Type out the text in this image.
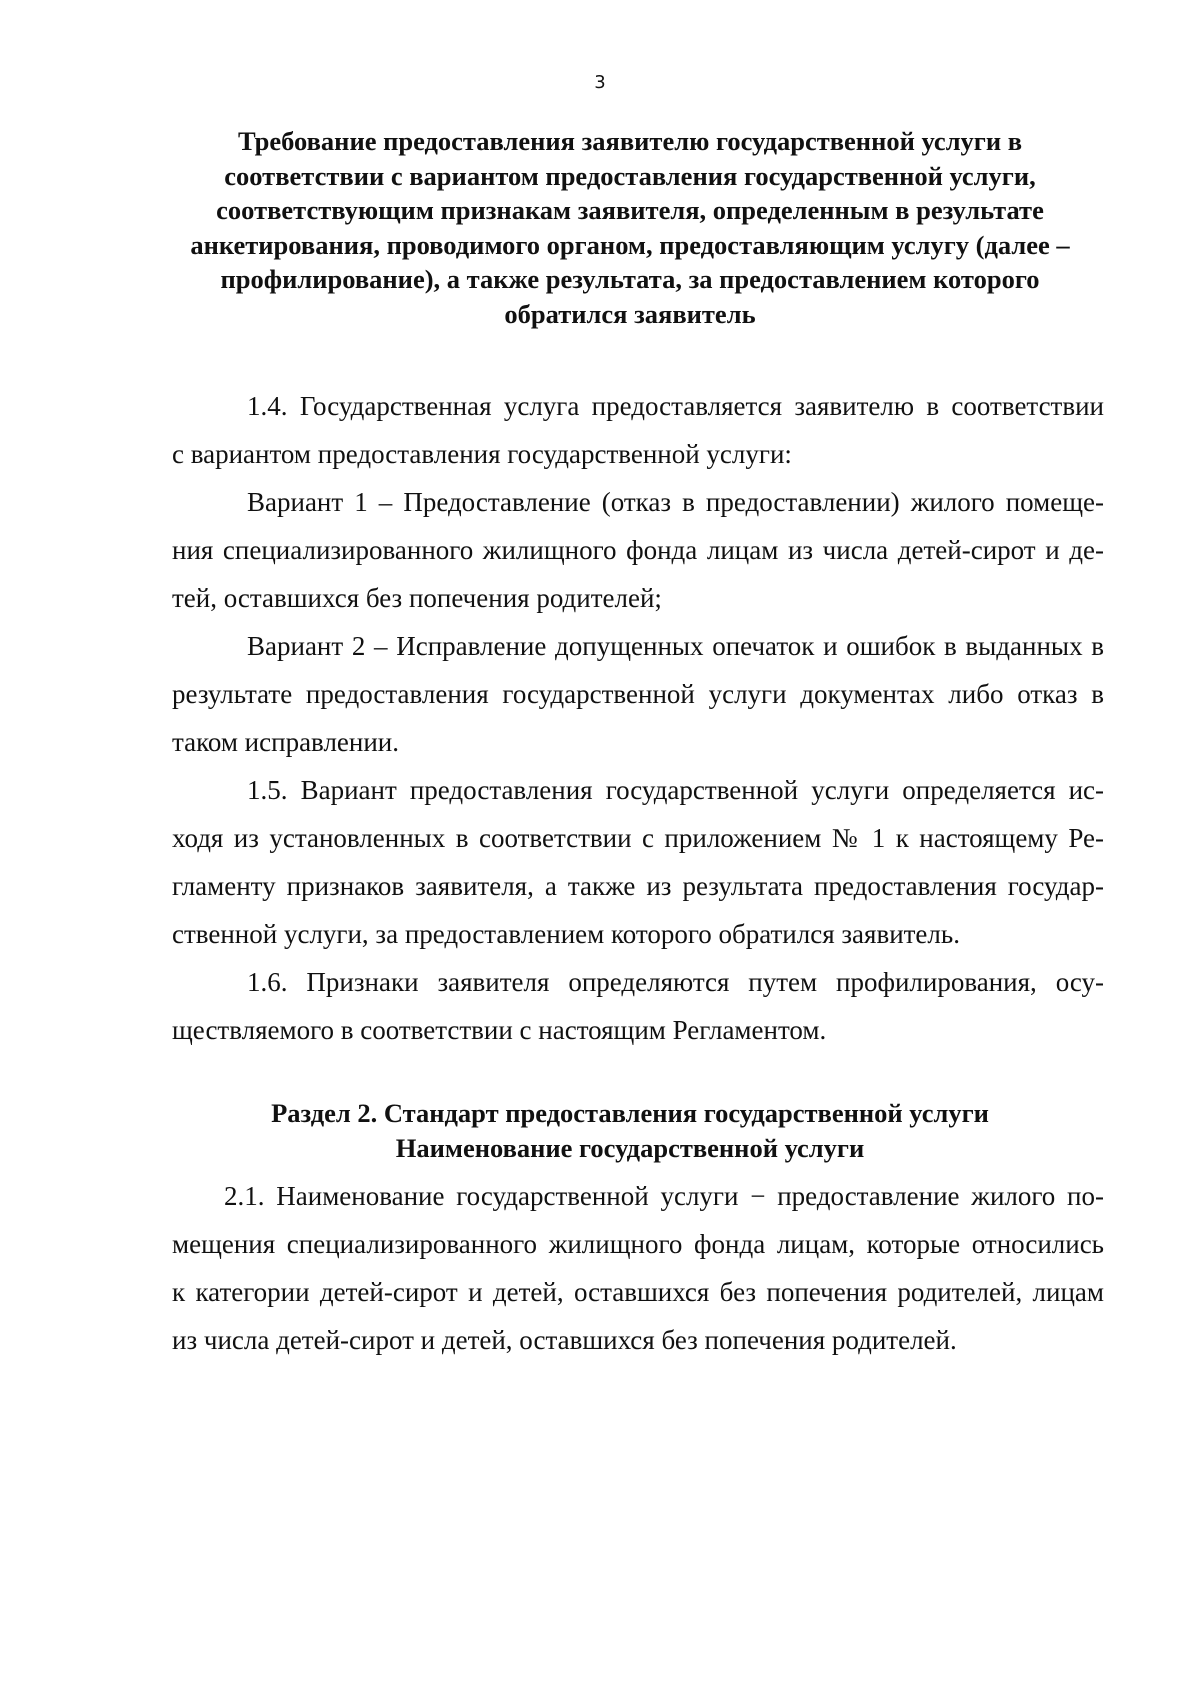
3
Требование предоставления заявителю государственной услуги в
соответствии с вариантом предоставления государственной услуги,
соответствующим признакам заявителя, определенным в результате
анкетирования, проводимого органом, предоставляющим услугу (далее –
профилирование), а также результата, за предоставлением которого
обратился заявитель
1.4. Государственная услуга предоставляется заявителю в соответствии
с вариантом предоставления государственной услуги:
Вариант 1 – Предоставление (отказ в предоставлении) жилого помеще-
ния специализированного жилищного фонда лицам из числа детей-сирот и де-
тей, оставшихся без попечения родителей;
Вариант 2 – Исправление допущенных опечаток и ошибок в выданных в
результате предоставления государственной услуги документах либо отказ в
таком исправлении.
1.5. Вариант предоставления государственной услуги определяется ис-
ходя из установленных в соответствии с приложением № 1 к настоящему Ре-
гламенту признаков заявителя, а также из результата предоставления государ-
ственной услуги, за предоставлением которого обратился заявитель.
1.6. Признаки заявителя определяются путем профилирования, осу-
ществляемого в соответствии с настоящим Регламентом.
Раздел 2. Стандарт предоставления государственной услуги
Наименование государственной услуги
2.1. Наименование государственной услуги − предоставление жилого по-
мещения специализированного жилищного фонда лицам, которые относились
к категории детей-сирот и детей, оставшихся без попечения родителей, лицам
из числа детей-сирот и детей, оставшихся без попечения родителей.
